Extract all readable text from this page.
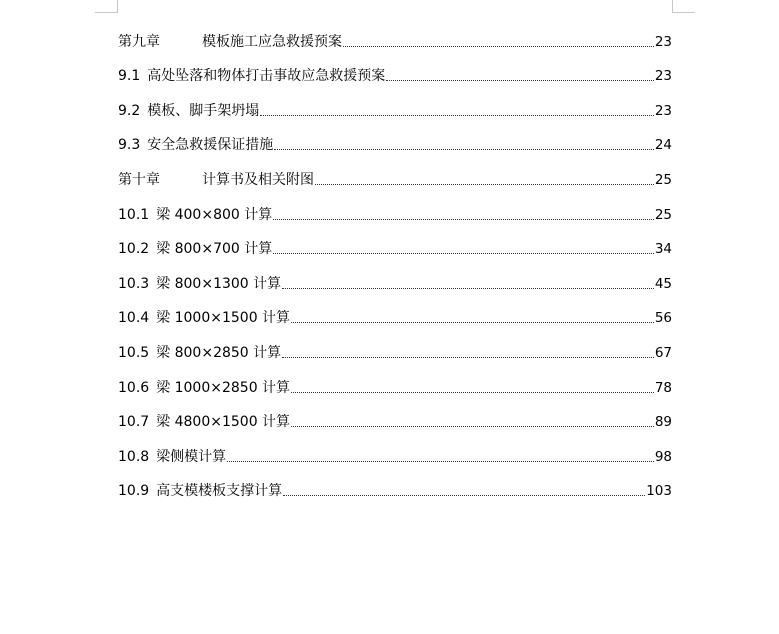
第九章	模板施工应急救援预案	23
9.1 高处坠落和物体打击事故应急救援预案	23
9.2 模板、脚手架坍塌	23
9.3 安全急救援保证措施	24
第十章	计算书及相关附图	25
10.1 梁 400×800 计算	25
10.2 梁 800×700 计算	34
10.3 梁 800×1300 计算	45
10.4 梁 1000×1500 计算	56
10.5 梁 800×2850 计算	67
10.6 梁 1000×2850 计算	78
10.7 梁 4800×1500 计算	89
10.8 梁侧模计算	98
10.9 高支模楼板支撑计算	103
